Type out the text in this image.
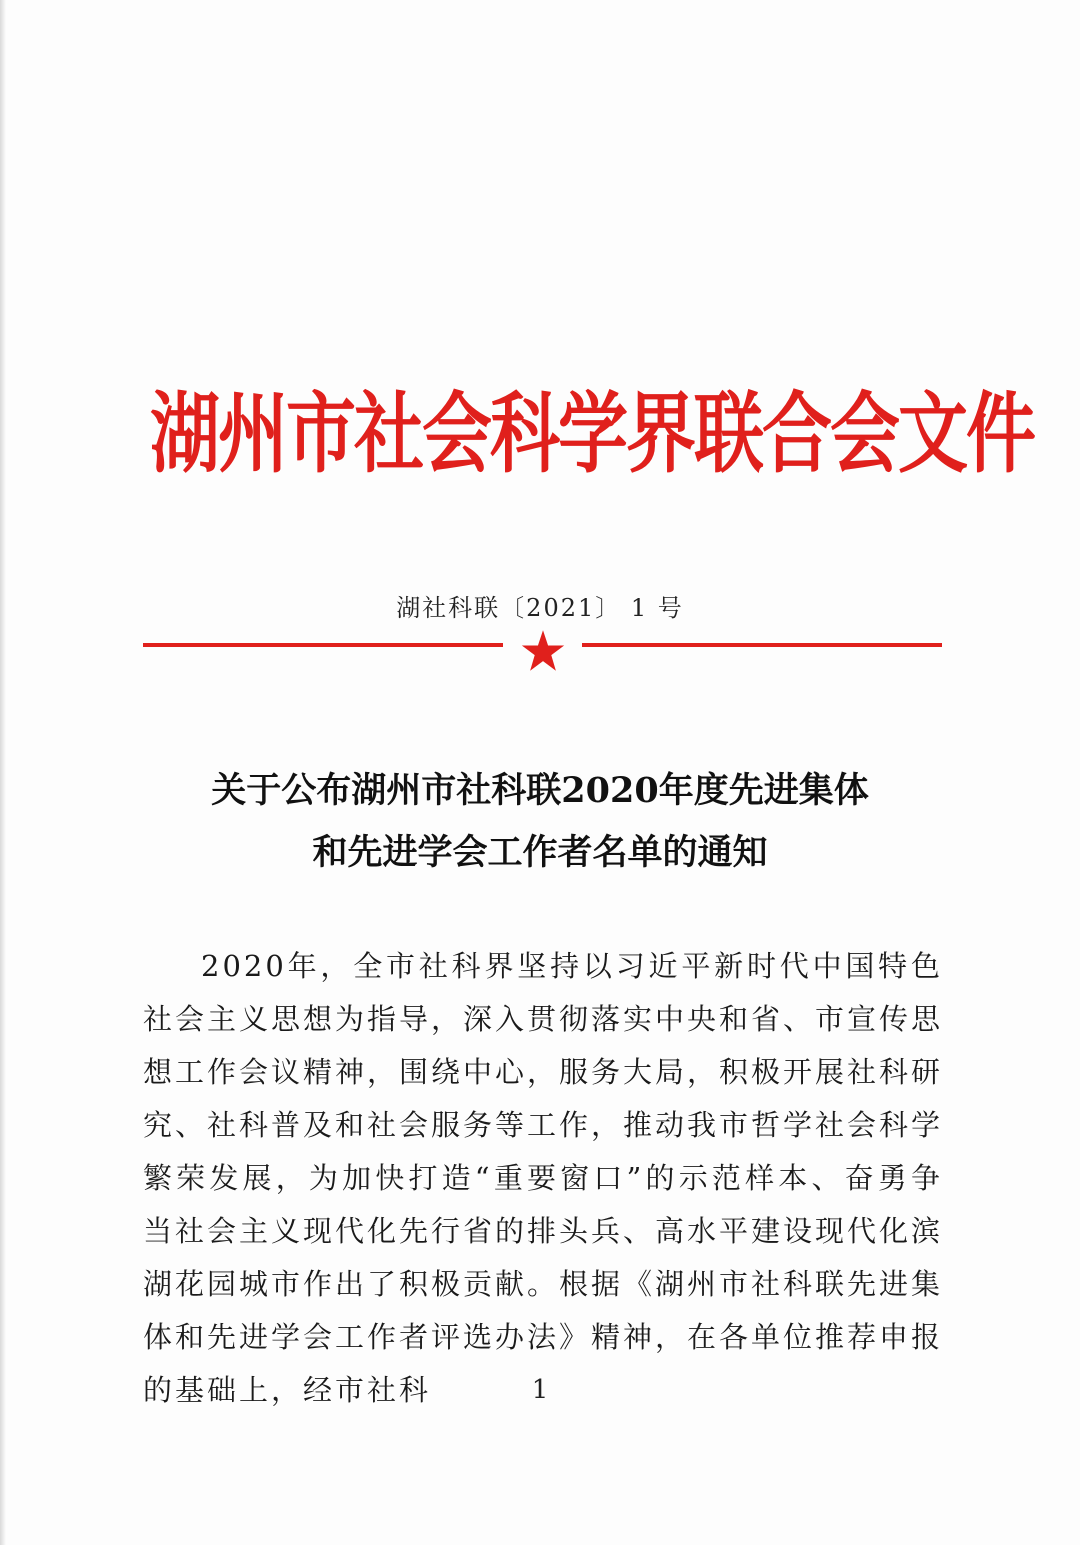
湖州市社会科学界联合会文件
湖社科联〔2021〕 1 号
关于公布湖州市社科联2020年度先进集体
和先进学会工作者名单的通知
2020年，全市社科界坚持以习近平新时代中国特色社会主义思想为指导，深入贯彻落实中央和省、市宣传思想工作会议精神，围绕中心，服务大局，积极开展社科研究、社科普及和社会服务等工作，推动我市哲学社会科学繁荣发展，为加快打造“重要窗口”的示范样本、奋勇争当社会主义现代化先行省的排头兵、高水平建设现代化滨湖花园城市作出了积极贡献。根据《湖州市社科联先进集体和先进学会工作者评选办法》精神，在各单位推荐申报的基础上，经市社科	1
